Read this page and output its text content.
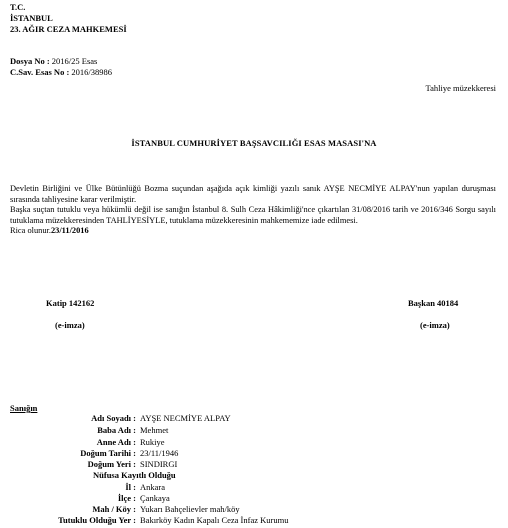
T.C.
İSTANBUL
23. AĞIR CEZA MAHKEMESİ
Dosya No : 2016/25 Esas
C.Sav. Esas No : 2016/38986
Tahliye müzekkeresi
İSTANBUL CUMHURİYET BAŞSAVCILIĞI ESAS MASASI'NA

Devletin Birliğini ve Ülke Bütünlüğü Bozma suçundan aşağıda açık kimliği yazılı sanık AYŞE NECMİYE ALPAY'nun yapılan duruşması sırasında tahliyesine karar verilmiştir.

Başka suçtan tutuklu veya hükümlü değil ise sanığın İstanbul 8. Sulh Ceza Hâkimliği'nce çıkartılan 31/08/2016 tarih ve 2016/346 Sorgu sayılı tutuklama müzekkeresinden TAHLİYESİYLE, tutuklama müzekkeresinin mahkememize iade edilmesi.

Rica olunur.23/11/2016

Katip 142162
(e-imza)
Başkan 40184
(e-imza)
Sanığın
Adı Soyadı : AYŞE NECMİYE ALPAY
Baba Adı : Mehmet
Anne Adı : Rukiye
Doğum Tarihi : 23/11/1946
Doğum Yeri : SINDIRGI
Nüfusa Kayıtlı Olduğu
İl : Ankara
İlçe : Çankaya
Mah / Köy : Yukarı Bahçelievler mah/köy
Tutuklu Olduğu Yer : Bakırköy Kadın Kapalı Ceza İnfaz Kurumu
